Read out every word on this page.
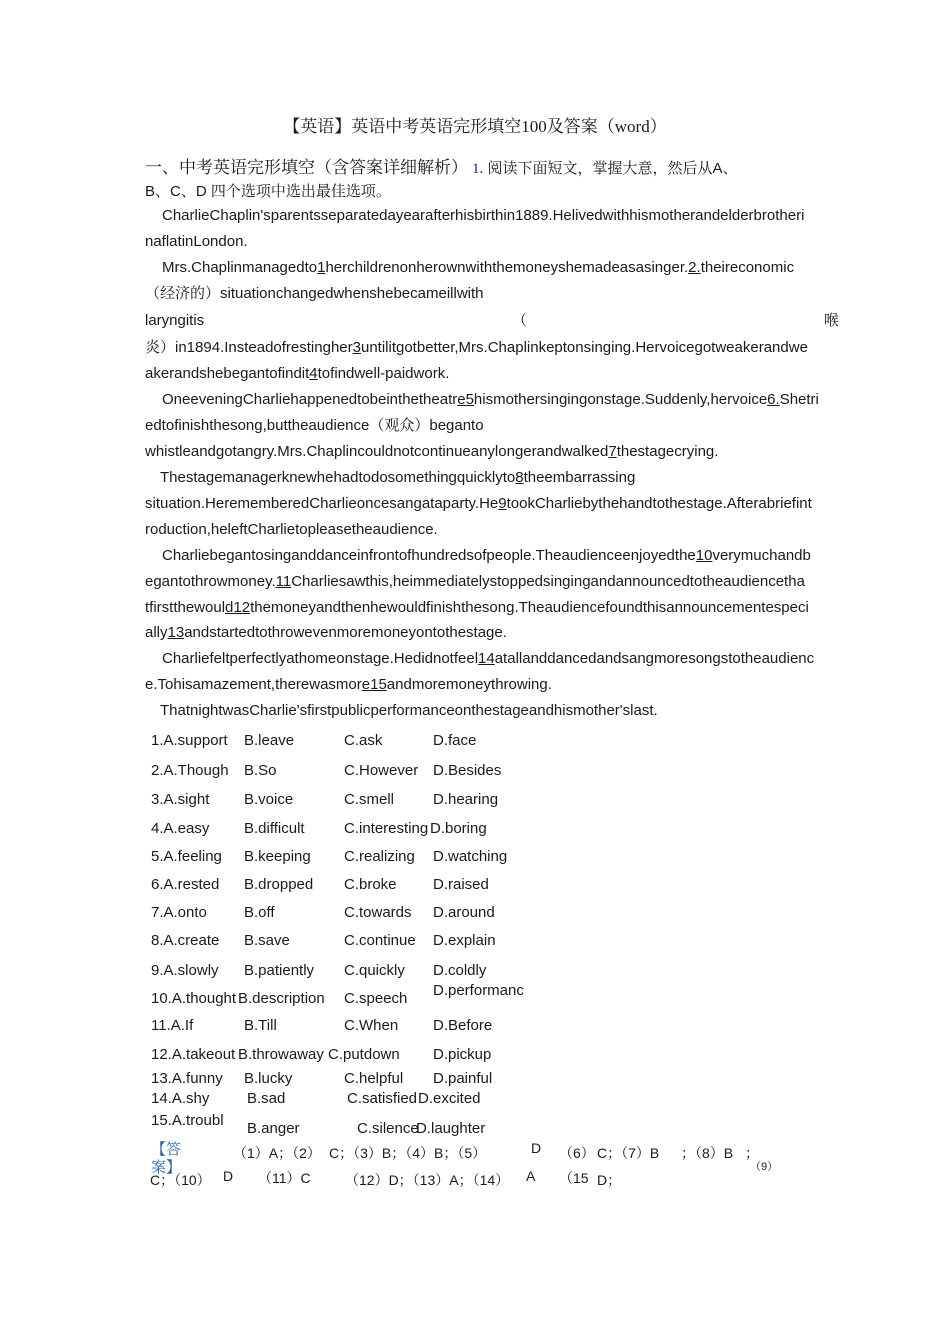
【英语】英语中考英语完形填空100及答案（word）
一、中考英语完形填空（含答案详细解析） 1. 阅读下面短文，掌握大意，然后从A、
B、C、D 四个选项中选出最佳选项。
CharlieChaplin'sparentsseparatedayearafterhisbirthin1889.Helivedwithhismotherandelderbrotheri
naflatinLondon.
Mrs.Chaplinmanagedto1herchildrenonherownwiththemoneyshemadeasasinger.2.theireconomic
（经济的）situationchangedwhenshebecameillwith
laryngitis	（	喉
炎）in1894.Insteadofrestingher3untilitgotbetter,Mrs.Chaplinkeptonsinging.Hervoicegotweakerandwe
akerandshebegantofindit4tofindwell-paidwork.
OneeveningCharliehappenedtobeinthetheatre5hismothersingingonstage.Suddenly,hervoice6.Shetri
edtofinishthesong,buttheaudience（观众）beganto
whistleandgotangry.Mrs.Chaplincouldnotcontinueanylongerandwalked7thestagecrying.
Thestagemanagerknewhehadtodosomethingquicklyto8theembarrassing
situation.HerememberedCharlieoncesangataparty.He9tookCharliebythehandtothestage.Afterabriefint
roduction,heleftCharlietopleasetheaudience.
Charliebegantosinganddanceinfrontofhundredsofpeople.Theaudienceenjoyedthe10verymuchandb
egantothrowmoney.11Charliesawthis,heimmediatelystoppedsingingandannouncedtotheaudiencetha
tfirstthewould12themoneyandthenhewouldfinishthesong.Theaudiencefoundthisannouncementespeci
ally13andstartedtothrowevenmoremoneyontothestage.
Charliefeltperfectlyathomeonstage.Hedidnotfeel14atallanddancedandsangmoresongstotheaudienc
e.Tohisamazement,therewasmore15andmoremoneythrowing.
ThatnightwasCharlie'sfirstpublicperformanceonthestageandhismother'slast.
1.A.support B.leave	C.ask	D.face
2.A.Though B.So	C.However D.Besides
3.A.sight B.voice	C.smell	D.hearing
4.A.easy B.difficult	C.interesting D.boring
5.A.feeling B.keeping C.realizing D.watching
6.A.rested B.dropped C.broke D.raised
7.A.onto B.off	C.towards D.around
8.A.create B.save	C.continue D.explain
9.A.slowly B.patiently C.quickly D.coldly
10.A.thought B.description C.speech D.performanc
11.A.If	B.Till	C.When D.Before
12.A.takeout B.throwaway C.putdown D.pickup
13.A.funny B.lucky	C.helpful D.painful
14.A.shy	B.sad	C.satisfied D.excited
15.A.troubl B.anger	C.silence
D.laughter
【答
案】
（1）A；（2） C；（3）B；（4）B；（5）	D （6） C；（7）B ；（8）B ；
（9）
C；（10） D （11）C （12）D；（13）A；（14） A （15 D；
